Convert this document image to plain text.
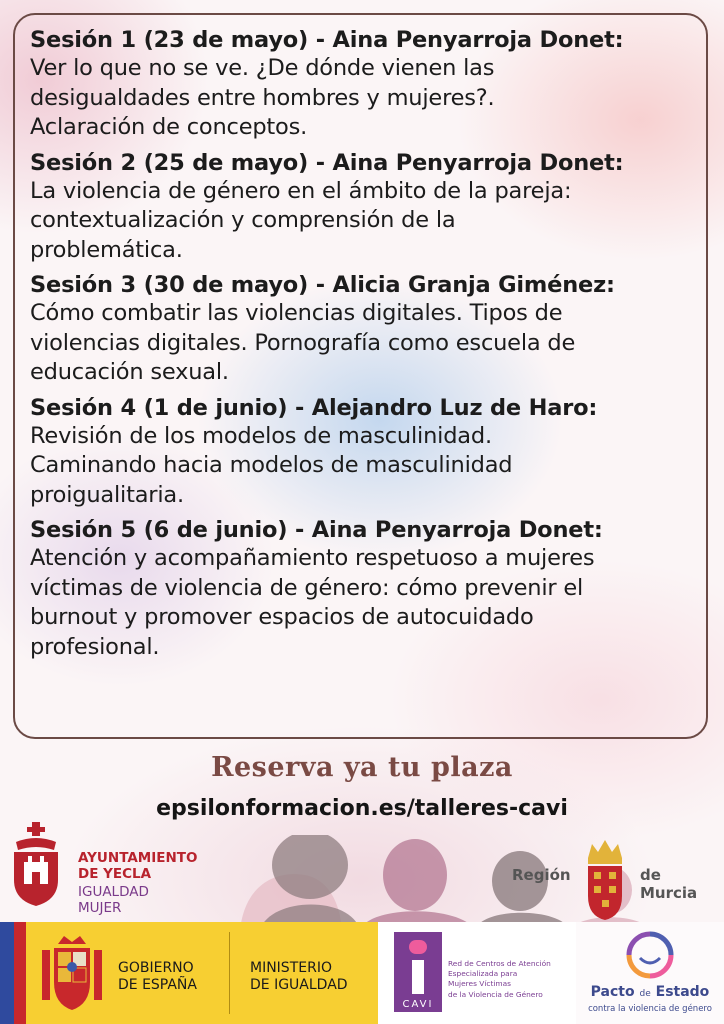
Sesión 1 (23 de mayo) - Aina Penyarroja Donet:
Ver lo que no se ve. ¿De dónde vienen las
desigualdades entre hombres y mujeres?.
Aclaración de conceptos.
Sesión 2 (25 de mayo) - Aina Penyarroja Donet:
La violencia de género en el ámbito de la pareja:
contextualización y comprensión de la
problemática.
Sesión 3 (30 de mayo) - Alicia Granja Giménez:
Cómo combatir las violencias digitales. Tipos de
violencias digitales. Pornografía como escuela de
educación sexual.
Sesión 4 (1 de junio) - Alejandro Luz de Haro:
Revisión de los modelos de masculinidad.
Caminando hacia modelos de masculinidad
proigualitaria.
Sesión 5 (6 de junio) - Aina Penyarroja Donet:
Atención y acompañamiento respetuoso a mujeres
víctimas de violencia de género: cómo prevenir el
burnout y promover espacios de autocuidado
profesional.
Reserva ya tu plaza
epsilonformacion.es/talleres-cavi
AYUNTAMIENTO
DE YECLA
IGUALDAD
MUJER
Región	de Murcia
GOBIERNO
DE ESPAÑA
MINISTERIO
DE IGUALDAD
CAVI
Red de Centros de Atención
Especializada para
Mujeres Víctimas
de la Violencia de Género	Pacto de Estado
contra la violencia de género
